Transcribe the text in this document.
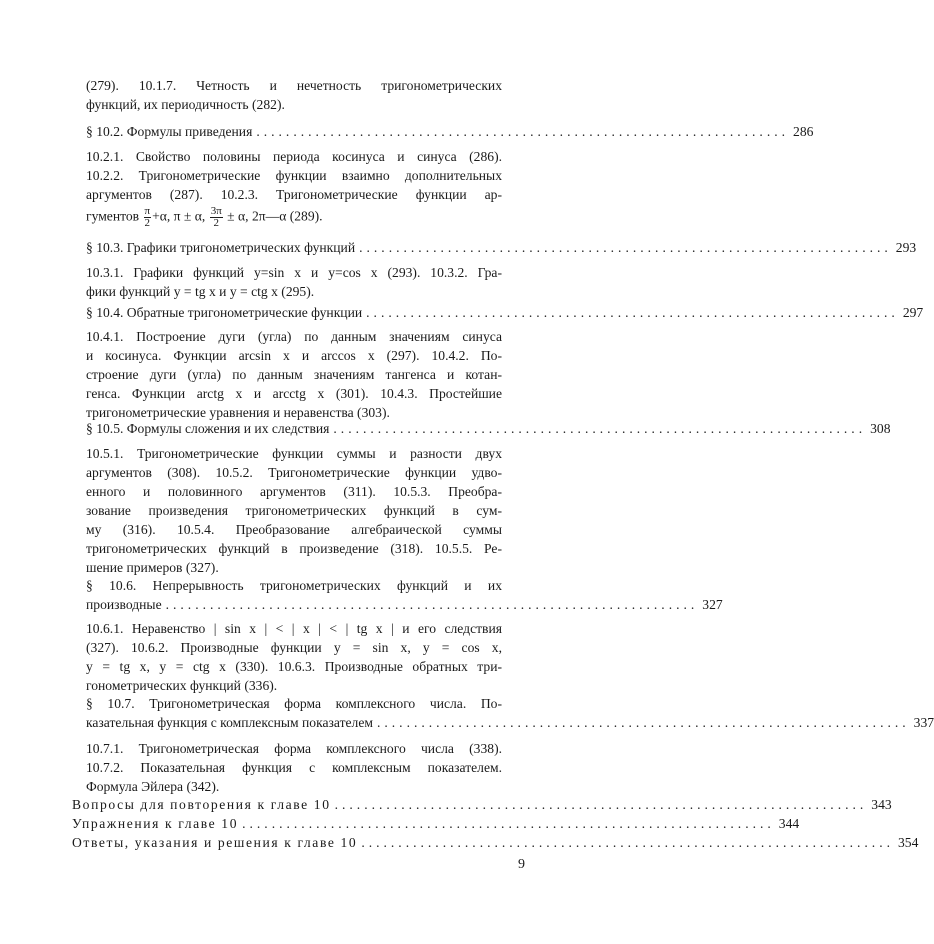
(279). 10.1.7. Четность и нечетность тригонометрических
функций, их периодичность (282).
§ 10.2. Формулы приведения ........................................................................ 286
10.2.1. Свойство половины периода косинуса и синуса (286).
10.2.2. Тригонометрические функции взаимно дополнительных
аргументов (287). 10.2.3. Тригонометрические функции ар-
гументов $\frac{\pi}{2} +\alpha$, π ± α, $\frac{3\pi}{2} \pm \alpha$, 2π—α (289).
§ 10.3. Графики тригонометрических функций ........................................................................ 293
10.3.1. Графики функций y=sin x и y=cos x (293). 10.3.2. Гра-
фики функций y = tg x и y = ctg x (295).
§ 10.4. Обратные тригонометрические функции ........................................................................ 297
10.4.1. Построение дуги (угла) по данным значениям синуса
и косинуса. Функции arcsin x и arccos x (297). 10.4.2. По-
строение дуги (угла) по данным значениям тангенса и котан-
генса. Функции arctg x и arcctg x (301). 10.4.3. Простейшие
тригонометрические уравнения и неравенства (303).
§ 10.5. Формулы сложения и их следствия ........................................................................ 308
10.5.1. Тригонометрические функции суммы и разности двух
аргументов (308). 10.5.2. Тригонометрические функции удво-
енного и половинного аргументов (311). 10.5.3. Преобра-
зование произведения тригонометрических функций в сум-
му (316). 10.5.4. Преобразование алгебраической суммы
тригонометрических функций в произведение (318). 10.5.5. Ре-
шение примеров (327).
§ 10.6. Непрерывность тригонометрических функций и их
производные ........................................................................ 327
10.6.1. Неравенство | sin x | < | x | < | tg x | и его следствия
(327). 10.6.2. Производные функции y = sin x, y = cos x,
y = tg x, y = ctg x (330). 10.6.3. Производные обратных три-
гонометрических функций (336).
§ 10.7. Тригонометрическая форма комплексного числа. По-
казательная функция с комплексным показателем ........................................................................ 337
10.7.1. Тригонометрическая форма комплексного числа (338).
10.7.2. Показательная функция с комплексным показателем.
Формула Эйлера (342).
Вопросы для повторения к главе 10 ........................................................................ 343
Упражнения к главе 10 ........................................................................ 344
Ответы, указания и решения к главе 10 ........................................................................ 354
9
